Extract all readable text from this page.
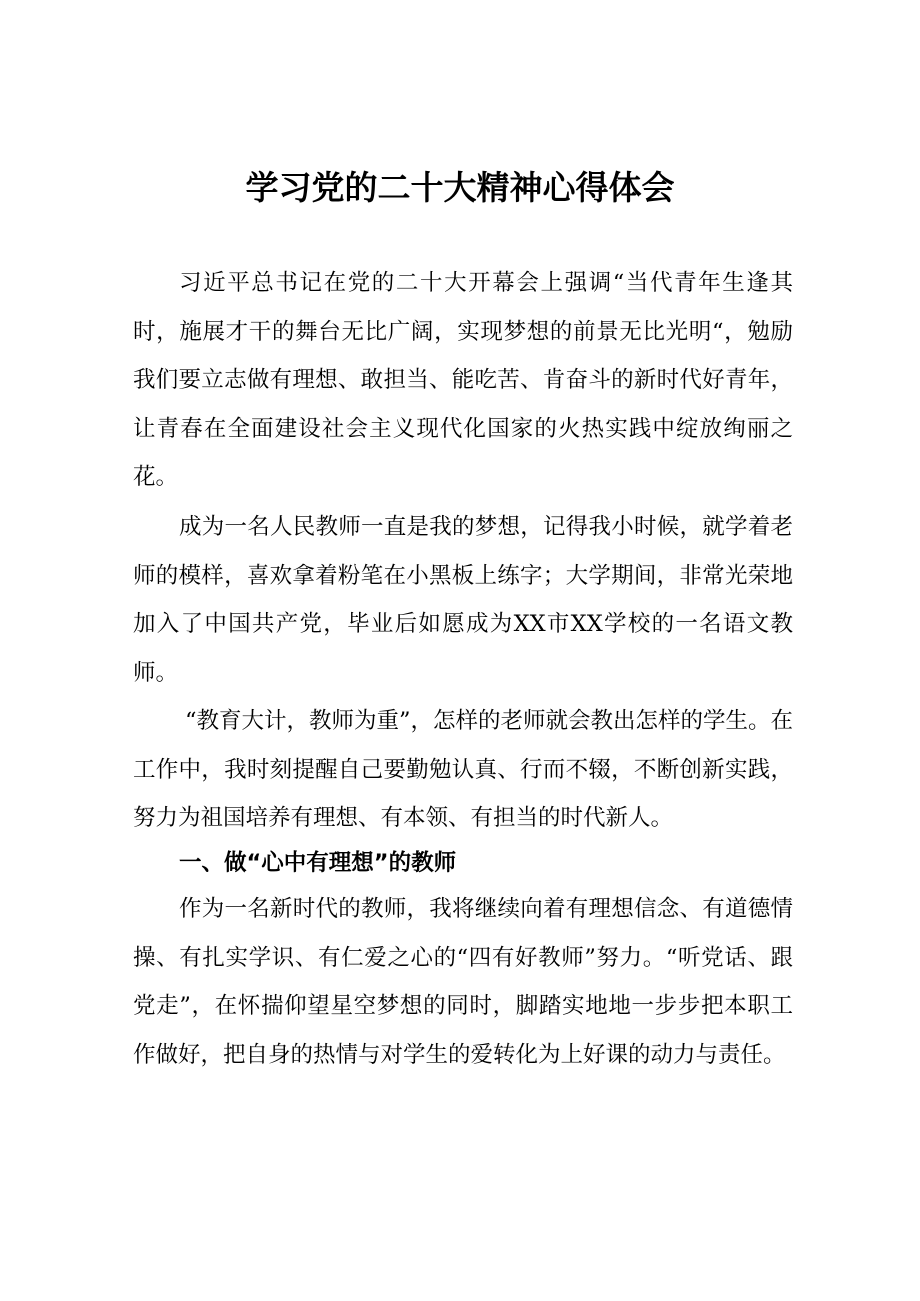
学习党的二十大精神心得体会

习近平总书记在党的二十大开幕会上强调“当代青年生逢其时，施展才干的舞台无比广阔，实现梦想的前景无比光明“，勉励我们要立志做有理想、敢担当、能吃苦、肯奋斗的新时代好青年，让青春在全面建设社会主义现代化国家的火热实践中绽放绚丽之花。

成为一名人民教师一直是我的梦想，记得我小时候，就学着老师的模样，喜欢拿着粉笔在小黑板上练字；大学期间，非常光荣地加入了中国共产党，毕业后如愿成为XX市XX学校的一名语文教师。

“教育大计，教师为重”，怎样的老师就会教出怎样的学生。在工作中，我时刻提醒自己要勤勉认真、行而不辍，不断创新实践，努力为祖国培养有理想、有本领、有担当的时代新人。

一、做“心中有理想”的教师

作为一名新时代的教师，我将继续向着有理想信念、有道德情操、有扎实学识、有仁爱之心的“四有好教师”努力。“听党话、跟党走”，在怀揣仰望星空梦想的同时，脚踏实地地一步步把本职工作做好，把自身的热情与对学生的爱转化为上好课的动力与责任。
